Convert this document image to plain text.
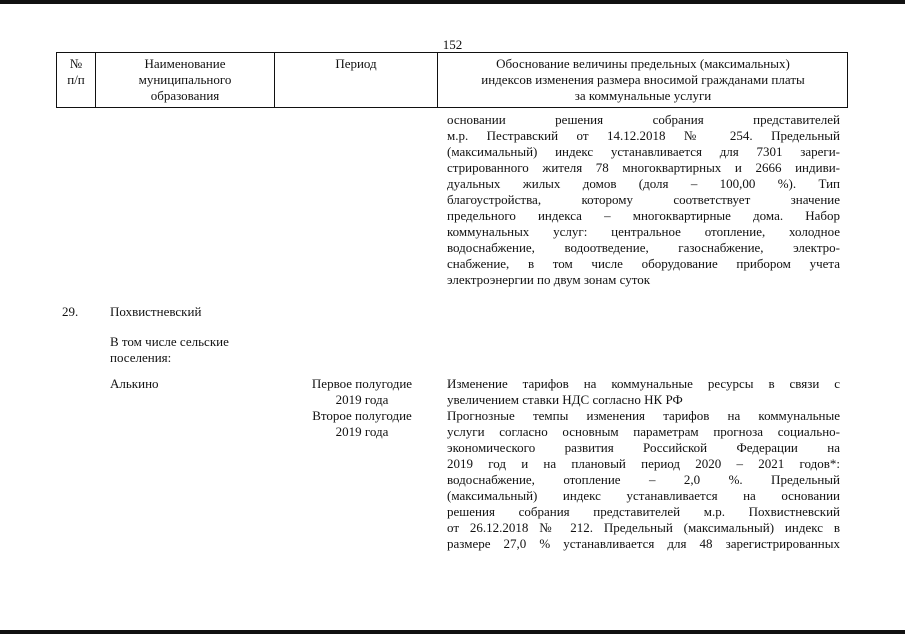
152
№
п/п
Наименование
муниципального
образования
Период	Обоснование величины предельных (максимальных)
индексов изменения размера вносимой гражданами платы
за коммунальные услуги
основании решения собрания представителей
м.р. Пестравский от 14.12.2018 № 254. Предельный
(максимальный) индекс устанавливается для 7301 зареги-
стрированного жителя 78 многоквартирных и 2666 индиви-
дуальных жилых домов (доля – 100,00 %). Тип
благоустройства, которому соответствует значение
предельного индекса – многоквартирные дома. Набор
коммунальных услуг: центральное отопление, холодное
водоснабжение, водоотведение, газоснабжение, электро-
снабжение, в том числе оборудование прибором учета
электроэнергии по двум зонам суток
29. Похвистневский
В том числе сельские
поселения:
Алькино	Первое полугодие
2019 года
Второе полугодие
2019 года
Изменение тарифов на коммунальные ресурсы в связи с
увеличением ставки НДС согласно НК РФ
Прогнозные темпы изменения тарифов на коммунальные
услуги согласно основным параметрам прогноза социально-
экономического развития Российской Федерации на
2019 год и на плановый период 2020 – 2021 годов*:
водоснабжение, отопление – 2,0 %. Предельный
(максимальный) индекс устанавливается на основании
решения собрания представителей м.р. Похвистневский
от 26.12.2018 № 212. Предельный (максимальный) индекс в
размере 27,0 % устанавливается для 48 зарегистрированных
